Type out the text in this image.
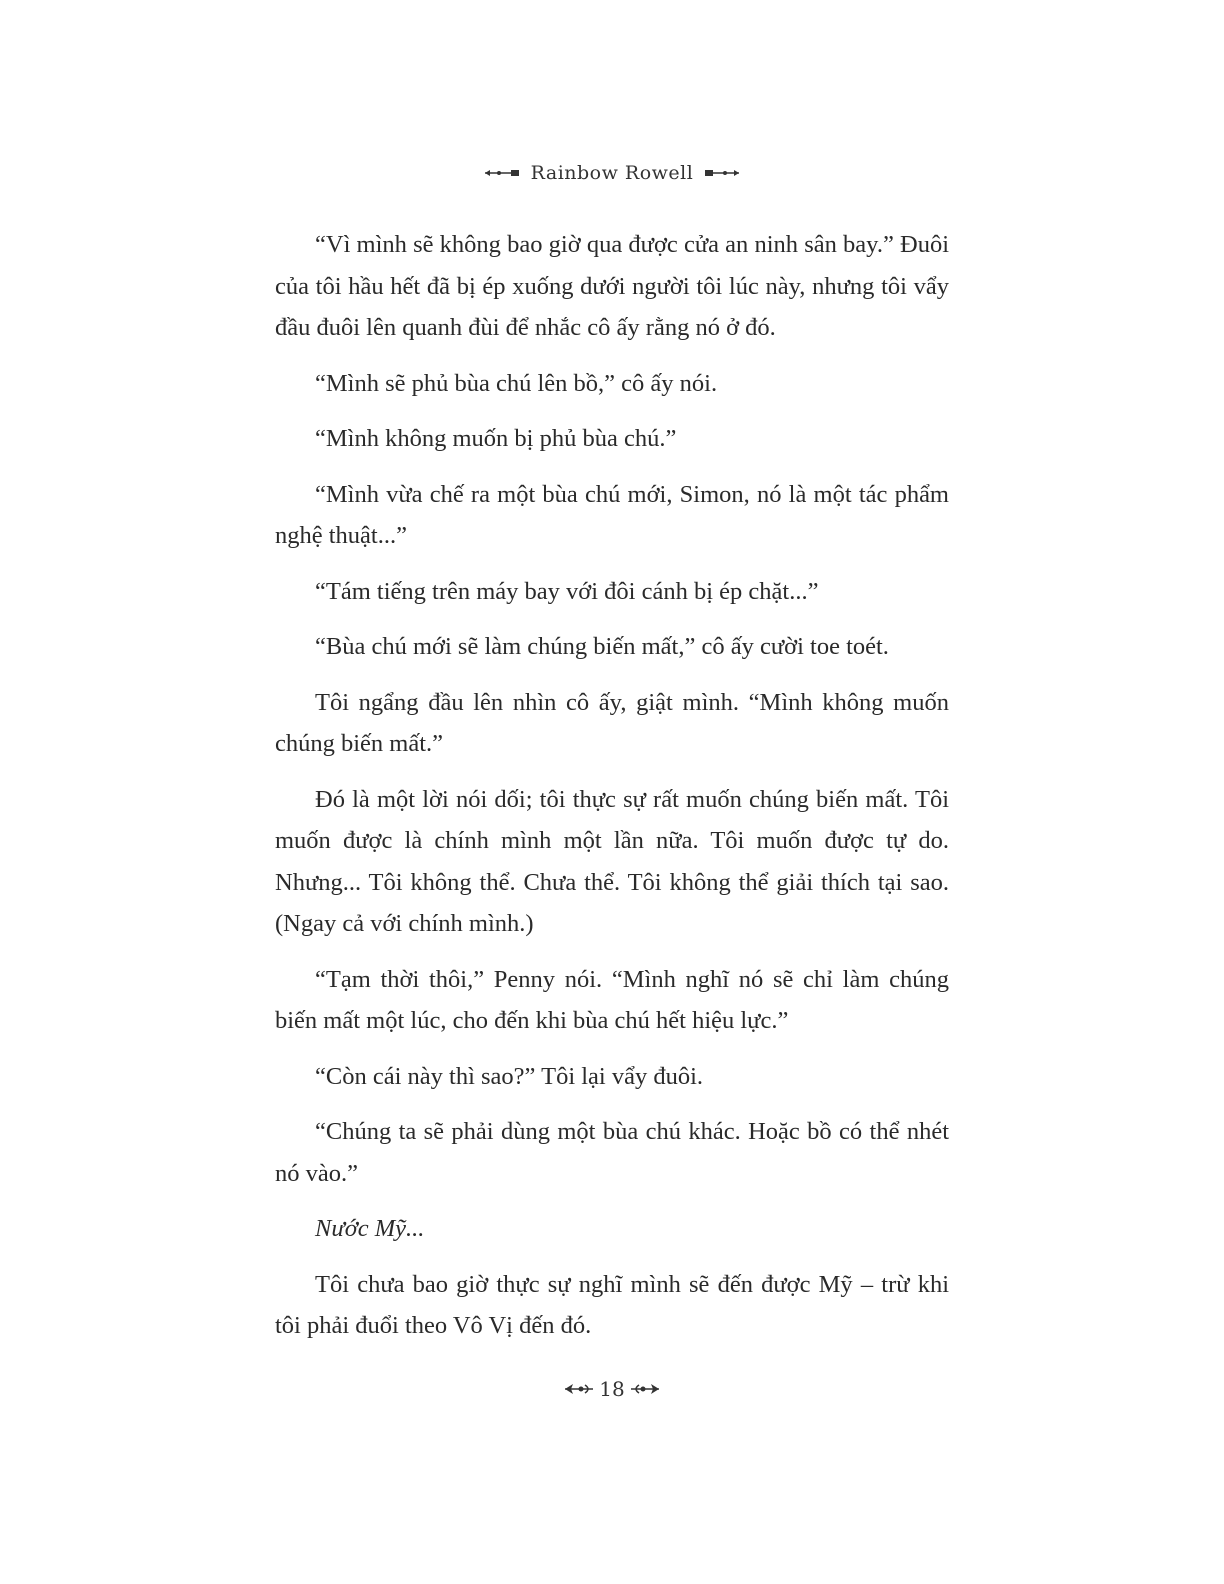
Rainbow Rowell

“Vì mình sẽ không bao giờ qua được cửa an ninh sân bay.” Đuôi của tôi hầu hết đã bị ép xuống dưới người tôi lúc này, nhưng tôi vẩy đầu đuôi lên quanh đùi để nhắc cô ấy rằng nó ở đó.

“Mình sẽ phủ bùa chú lên bồ,” cô ấy nói.

“Mình không muốn bị phủ bùa chú.”

“Mình vừa chế ra một bùa chú mới, Simon, nó là một tác phẩm nghệ thuật...”

“Tám tiếng trên máy bay với đôi cánh bị ép chặt...”

“Bùa chú mới sẽ làm chúng biến mất,” cô ấy cười toe toét.

Tôi ngẩng đầu lên nhìn cô ấy, giật mình. “Mình không muốn chúng biến mất.”

Đó là một lời nói dối; tôi thực sự rất muốn chúng biến mất. Tôi muốn được là chính mình một lần nữa. Tôi muốn được tự do. Nhưng... Tôi không thể. Chưa thể. Tôi không thể giải thích tại sao. (Ngay cả với chính mình.)

“Tạm thời thôi,” Penny nói. “Mình nghĩ nó sẽ chỉ làm chúng biến mất một lúc, cho đến khi bùa chú hết hiệu lực.”

“Còn cái này thì sao?” Tôi lại vẩy đuôi.

“Chúng ta sẽ phải dùng một bùa chú khác. Hoặc bồ có thể nhét nó vào.”

Nước Mỹ...

Tôi chưa bao giờ thực sự nghĩ mình sẽ đến được Mỹ – trừ khi tôi phải đuổi theo Vô Vị đến đó.

18
